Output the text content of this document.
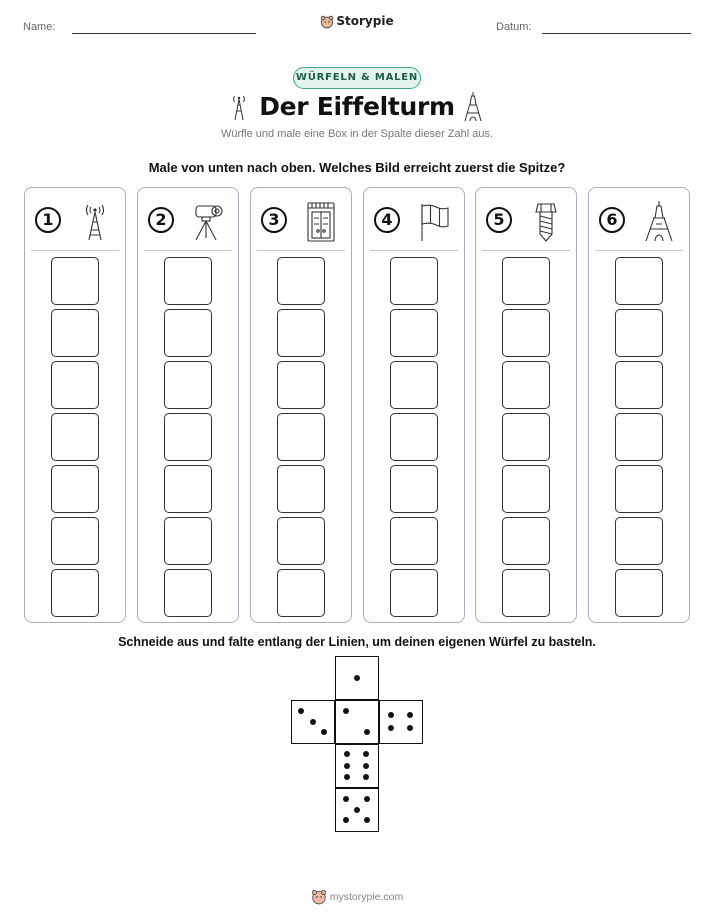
Name:	Storypie	Datum:
WÜRFELN & MALEN
Der Eiffelturm
Würfle und male eine Box in der Spalte dieser Zahl aus.
Male von unten nach oben. Welches Bild erreicht zuerst die Spitze?
1	2	3	4	5	6
Schneide aus und falte entlang der Linien, um deinen eigenen Würfel zu basteln.
mystorypie.com
